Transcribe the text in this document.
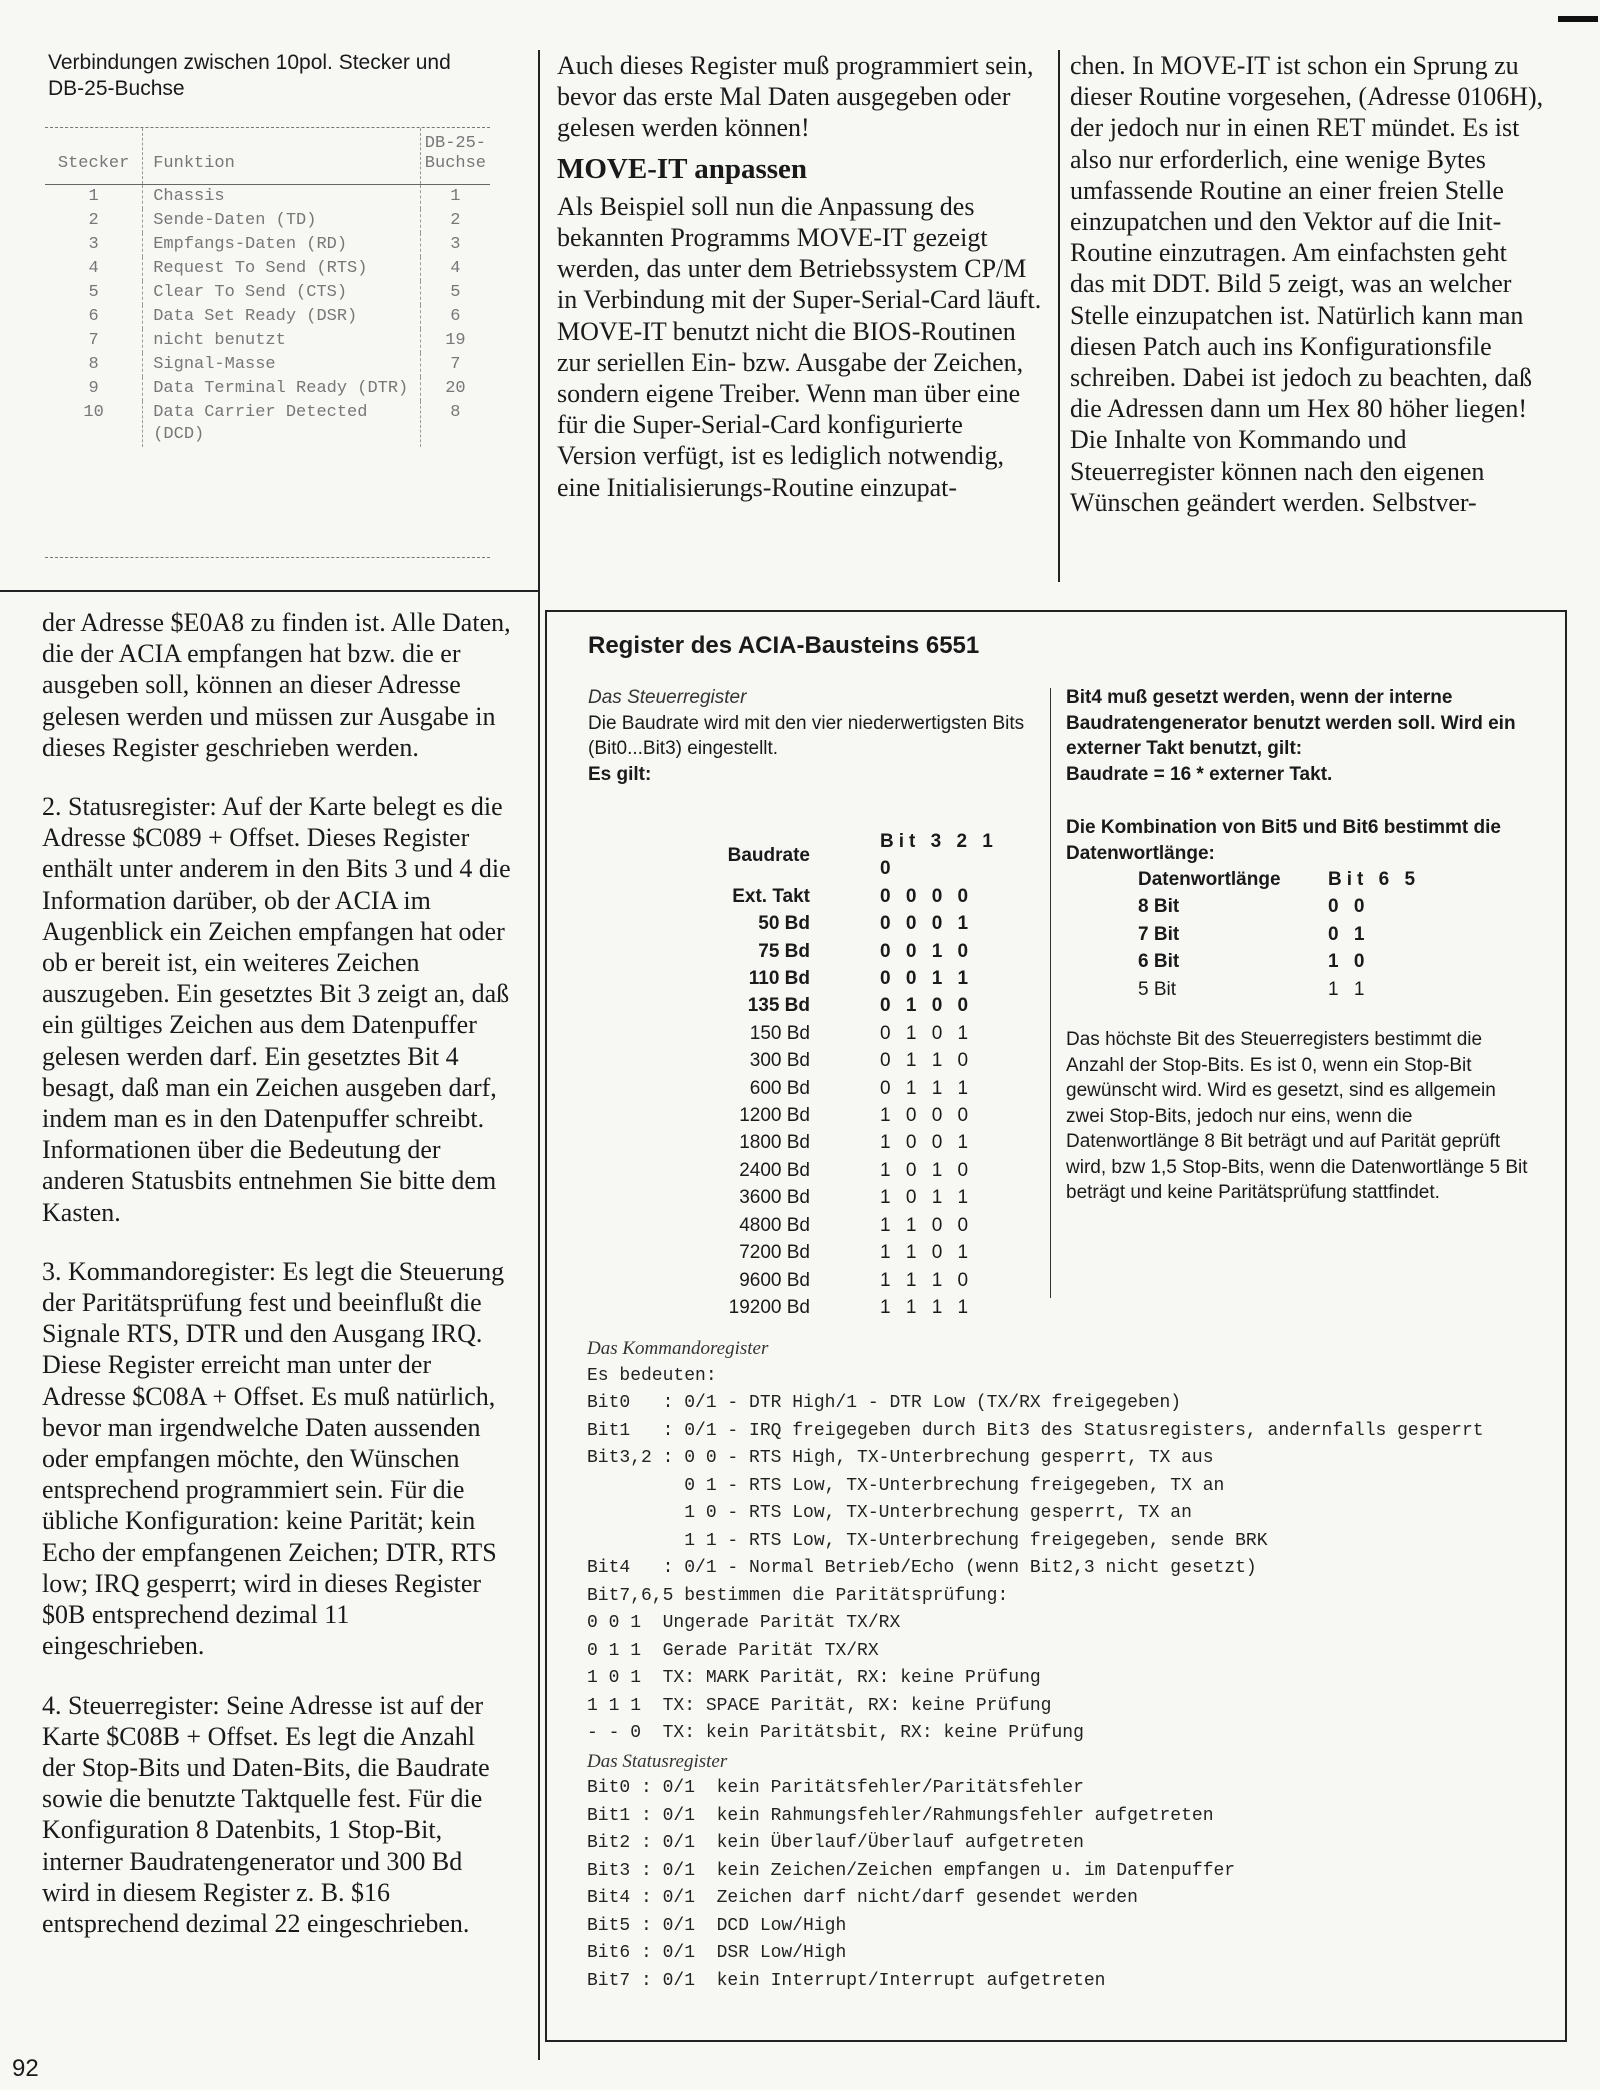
Verbindungen zwischen 10pol. Stecker und DB-25-Buchse
Stecker	Funktion	DB-25-Buchse
1	Chassis	1
2	Sende-Daten (TD)	2
3	Empfangs-Daten (RD)	3
4	Request To Send (RTS)	4
5	Clear To Send (CTS)	5
6	Data Set Ready (DSR)	6
7	nicht benutzt	19
8	Signal-Masse	7
9	Data Terminal Ready (DTR)	20
10	Data Carrier Detected (DCD)	8

Auch dieses Register muß programmiert sein, bevor das erste Mal Daten ausgegeben oder gelesen werden können!

MOVE-IT anpassen

Als Beispiel soll nun die Anpassung des bekannten Programms MOVE-IT gezeigt werden, das unter dem Betriebssystem CP/M in Verbindung mit der Super-Serial-Card läuft. MOVE-IT benutzt nicht die BIOS-Routinen zur seriellen Ein- bzw. Ausgabe der Zeichen, sondern eigene Treiber. Wenn man über eine für die Super-Serial-Card konfigurierte Version verfügt, ist es lediglich notwendig, eine Initialisierungs-Routine einzupat-

chen. In MOVE-IT ist schon ein Sprung zu dieser Routine vorgesehen, (Adresse 0106H), der jedoch nur in einen RET mündet. Es ist also nur erforderlich, eine wenige Bytes umfassende Routine an einer freien Stelle einzupatchen und den Vektor auf die Init-Routine einzutragen. Am einfachsten geht das mit DDT. Bild 5 zeigt, was an welcher Stelle einzupatchen ist. Natürlich kann man diesen Patch auch ins Konfigurationsfile schreiben. Dabei ist jedoch zu beachten, daß die Adressen dann um Hex 80 höher liegen! Die Inhalte von Kommando und Steuerregister können nach den eigenen Wünschen geändert werden. Selbstver-

der Adresse $E0A8 zu finden ist. Alle Daten, die der ACIA empfangen hat bzw. die er ausgeben soll, können an dieser Adresse gelesen werden und müssen zur Ausgabe in dieses Register geschrieben werden.

2. Statusregister: Auf der Karte belegt es die Adresse $C089 + Offset. Dieses Register enthält unter anderem in den Bits 3 und 4 die Information darüber, ob der ACIA im Augenblick ein Zeichen empfangen hat oder ob er bereit ist, ein weiteres Zeichen auszugeben. Ein gesetztes Bit 3 zeigt an, daß ein gültiges Zeichen aus dem Datenpuffer gelesen werden darf. Ein gesetztes Bit 4 besagt, daß man ein Zeichen ausgeben darf, indem man es in den Datenpuffer schreibt. Informationen über die Bedeutung der anderen Statusbits entnehmen Sie bitte dem Kasten.

3. Kommandoregister: Es legt die Steuerung der Paritätsprüfung fest und beeinflußt die Signale RTS, DTR und den Ausgang IRQ. Diese Register erreicht man unter der Adresse $C08A + Offset. Es muß natürlich, bevor man irgendwelche Daten aussenden oder empfangen möchte, den Wünschen entsprechend programmiert sein. Für die übliche Konfiguration: keine Parität; kein Echo der empfangenen Zeichen; DTR, RTS low; IRQ gesperrt; wird in dieses Register $0B entsprechend dezimal 11 eingeschrieben.

4. Steuerregister: Seine Adresse ist auf der Karte $C08B + Offset. Es legt die Anzahl der Stop-Bits und Daten-Bits, die Baudrate sowie die benutzte Taktquelle fest. Für die Konfiguration 8 Datenbits, 1 Stop-Bit, interner Baudratengenerator und 300 Bd wird in diesem Register z. B. $16 entsprechend dezimal 22 eingeschrieben.

Register des ACIA-Bausteins 6551

Das Steuerregister

Die Baudrate wird mit den vier niederwertigsten Bits (Bit0...Bit3) eingestellt.

Es gilt:

Baudrate	Bit 3 2 1 0
Ext. Takt	0 0 0 0
50 Bd	0 0 0 1
75 Bd	0 0 1 0
110 Bd	0 0 1 1
135 Bd	0 1 0 0
150 Bd	0 1 0 1
300 Bd	0 1 1 0
600 Bd	0 1 1 1
1200 Bd	1 0 0 0
1800 Bd	1 0 0 1
2400 Bd	1 0 1 0
3600 Bd	1 0 1 1
4800 Bd	1 1 0 0
7200 Bd	1 1 0 1
9600 Bd	1 1 1 0
19200 Bd	1 1 1 1

Bit4 muß gesetzt werden, wenn der interne Baudratengenerator benutzt werden soll. Wird ein externer Takt benutzt, gilt:

Baudrate = 16 * externer Takt.

Die Kombination von Bit5 und Bit6 bestimmt die Datenwortlänge:

Datenwortlänge	Bit 6 5
8 Bit	0 0
7 Bit	0 1
6 Bit	1 0
5 Bit	1 1

Das höchste Bit des Steuerregisters bestimmt die Anzahl der Stop-Bits. Es ist 0, wenn ein Stop-Bit gewünscht wird. Wird es gesetzt, sind es allgemein zwei Stop-Bits, jedoch nur eins, wenn die Datenwortlänge 8 Bit beträgt und auf Parität geprüft wird, bzw 1,5 Stop-Bits, wenn die Datenwortlänge 5 Bit beträgt und keine Paritätsprüfung stattfindet.

Das Kommandoregister

Es bedeuten:

Bit0   : 0/1 - DTR High/1 - DTR Low (TX/RX freigegeben)

Bit1   : 0/1 - IRQ freigegeben durch Bit3 des Statusregisters, andernfalls gesperrt

Bit3,2 : 0 0 - RTS High, TX-Unterbrechung gesperrt, TX aus

0 1 - RTS Low, TX-Unterbrechung freigegeben, TX an

1 0 - RTS Low, TX-Unterbrechung gesperrt, TX an

1 1 - RTS Low, TX-Unterbrechung freigegeben, sende BRK

Bit4   : 0/1 - Normal Betrieb/Echo (wenn Bit2,3 nicht gesetzt)

Bit7,6,5 bestimmen die Paritätsprüfung:

0 0 1  Ungerade Parität TX/RX

0 1 1  Gerade Parität TX/RX

1 0 1  TX: MARK Parität, RX: keine Prüfung

1 1 1  TX: SPACE Parität, RX: keine Prüfung

- - 0  TX: kein Paritätsbit, RX: keine Prüfung

Das Statusregister

Bit0 : 0/1  kein Paritätsfehler/Paritätsfehler

Bit1 : 0/1  kein Rahmungsfehler/Rahmungsfehler aufgetreten

Bit2 : 0/1  kein Überlauf/Überlauf aufgetreten

Bit3 : 0/1  kein Zeichen/Zeichen empfangen u. im Datenpuffer

Bit4 : 0/1  Zeichen darf nicht/darf gesendet werden

Bit5 : 0/1  DCD Low/High

Bit6 : 0/1  DSR Low/High

Bit7 : 0/1  kein Interrupt/Interrupt aufgetreten

92
